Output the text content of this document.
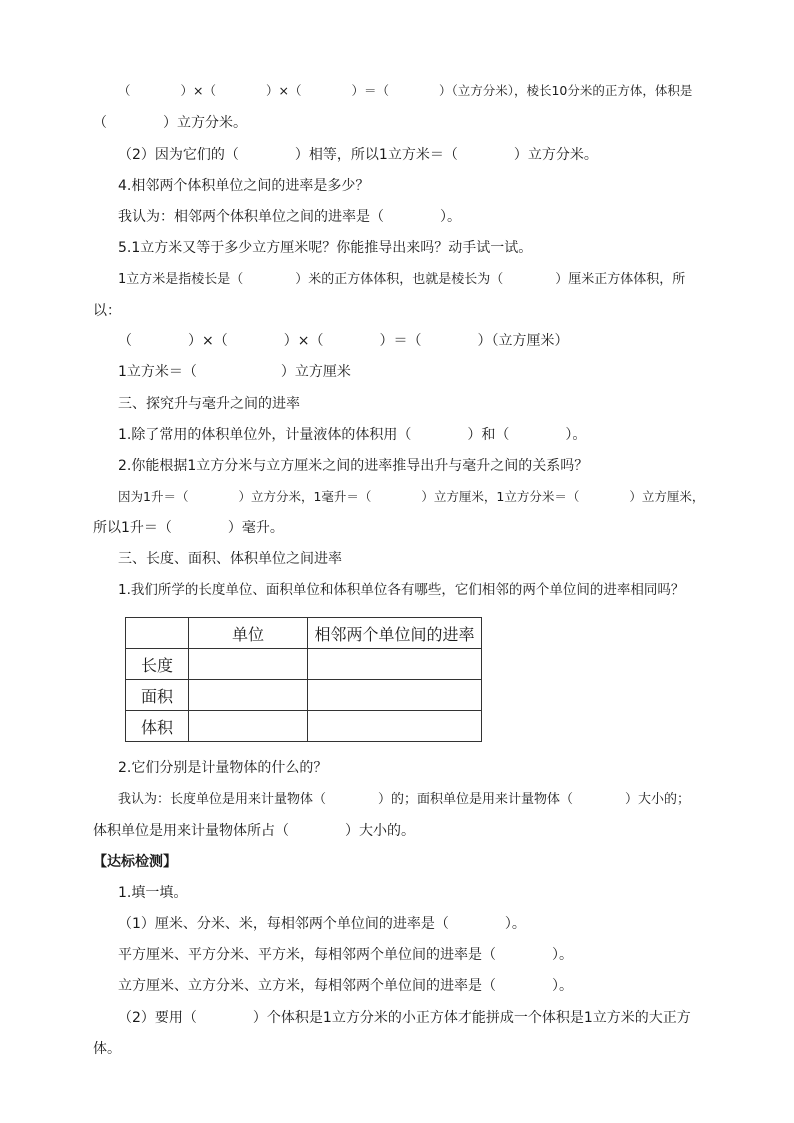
（　　　　）×（　　　　）×（　　　　）＝（　　　　）（立方分米），棱长10分米的正方体，体积是
（　　　　）立方分米。
（2）因为它们的（　　　　）相等，所以1立方米＝（　　　　）立方分米。
4.相邻两个体积单位之间的进率是多少？
我认为：相邻两个体积单位之间的进率是（　　　　）。
5.1立方米又等于多少立方厘米呢？你能推导出来吗？动手试一试。
1立方米是指棱长是（　　　　）米的正方体体积，也就是棱长为（　　　　）厘米正方体体积，所
以：
（　　　　）×（　　　　）×（　　　　）＝（　　　　）（立方厘米）
1立方米＝（　　　　　　）立方厘米
三、探究升与毫升之间的进率
1.除了常用的体积单位外，计量液体的体积用（　　　　）和（　　　　）。
2.你能根据1立方分米与立方厘米之间的进率推导出升与毫升之间的关系吗？
因为1升＝（　　　　）立方分米，1毫升＝（　　　　）立方厘米，1立方分米＝（　　　　）立方厘米，
所以1升＝（　　　　）毫升。
三、长度、面积、体积单位之间进率
1.我们所学的长度单位、面积单位和体积单位各有哪些，它们相邻的两个单位间的进率相同吗？
	单位	相邻两个单位间的进率
长度		
面积		
体积		
2.它们分别是计量物体的什么的？
我认为：长度单位是用来计量物体（　　　　）的；面积单位是用来计量物体（　　　　）大小的；
体积单位是用来计量物体所占（　　　　）大小的。
【达标检测】
1.填一填。
（1）厘米、分米、米，每相邻两个单位间的进率是（　　　　）。
平方厘米、平方分米、平方米，每相邻两个单位间的进率是（　　　　）。
立方厘米、立方分米、立方米，每相邻两个单位间的进率是（　　　　）。
（2）要用（　　　　）个体积是1立方分米的小正方体才能拼成一个体积是1立方米的大正方
体。
